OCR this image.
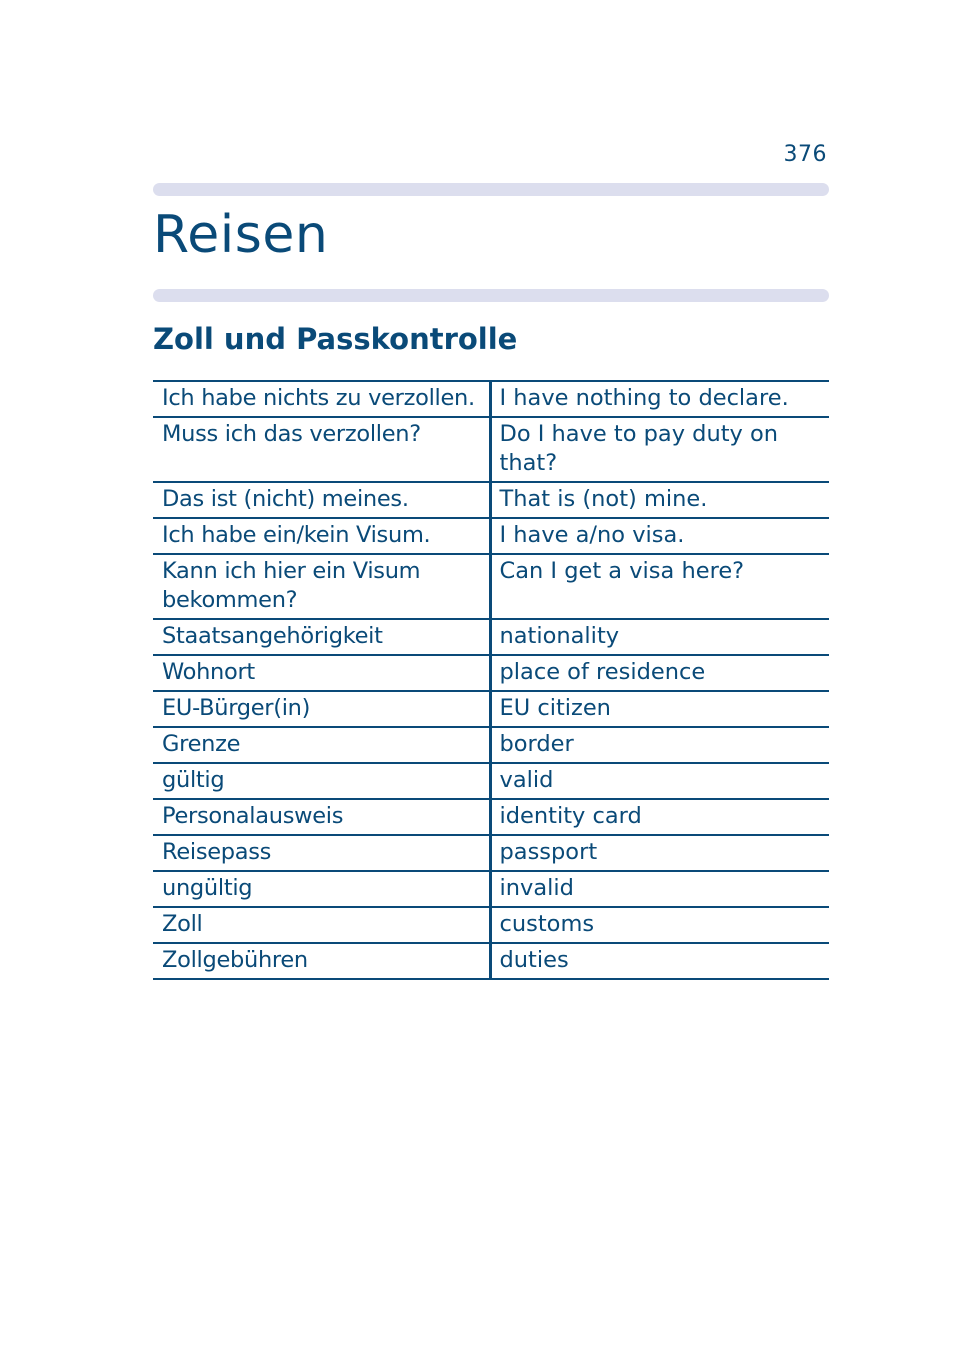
376
Reisen
Zoll und Passkontrolle
Ich habe nichts zu verzollen.	I have nothing to declare.
Muss ich das verzollen?	Do I have to pay duty on that?
Das ist (nicht) meines.	That is (not) mine.
Ich habe ein/kein Visum.	I have a/no visa.
Kann ich hier ein Visum bekommen?	Can I get a visa here?
Staatsangehörigkeit	nationality
Wohnort	place of residence
EU-Bürger(in)	EU citizen
Grenze	border
gültig	valid
Personalausweis	identity card
Reisepass	passport
ungültig	invalid
Zoll	customs
Zollgebühren	duties
